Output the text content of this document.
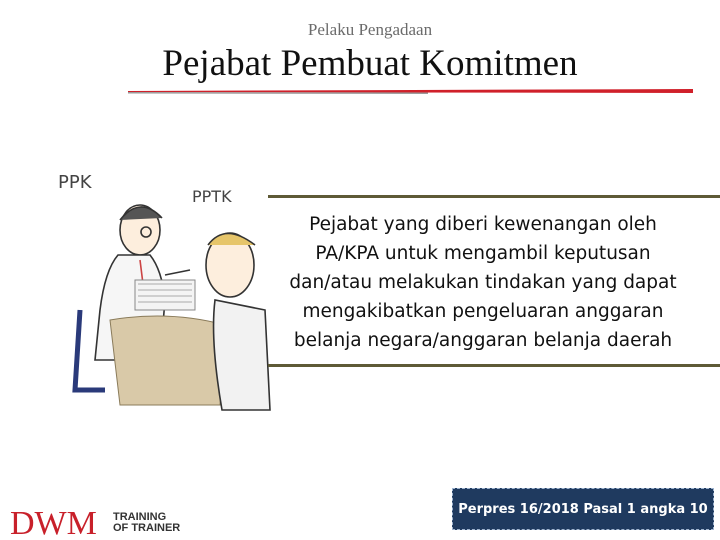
Pelaku Pengadaan
Pejabat Pembuat Komitmen
PPK
PPTK
Pejabat yang diberi kewenangan oleh
PA/KPA untuk mengambil keputusan
dan/atau melakukan tindakan yang dapat
mengakibatkan pengeluaran anggaran
belanja negara/anggaran belanja daerah
DWM TRAINING
OF TRAINER
Perpres 16/2018 Pasal 1 angka 10
